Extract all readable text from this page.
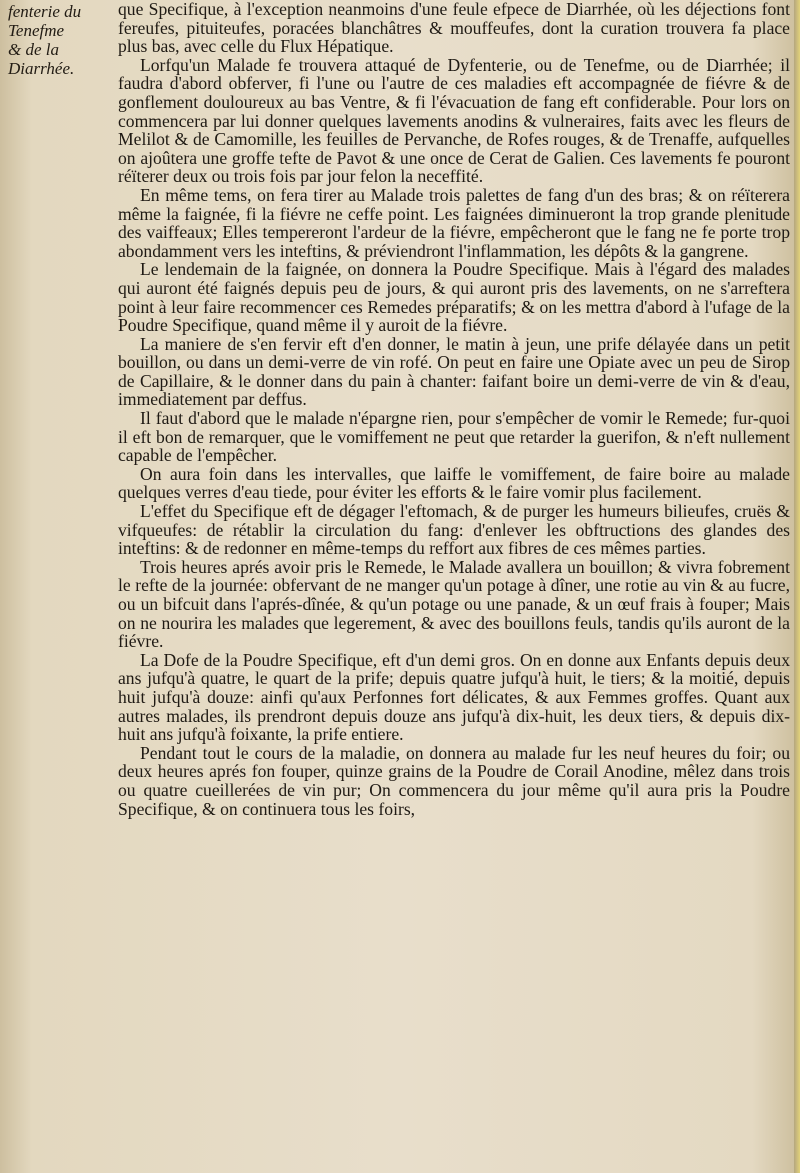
fenterie du
Tenefme
& de la
Diarrhée.

que Specifique, à l'exception neanmoins d'une feule efpece de Diarrhée, où les déjections font fereufes, pituiteufes, poracées blanchâtres & mouffeufes, dont la curation trouvera fa place plus bas, avec celle du Flux Hépatique.

Lorfqu'un Malade fe trouvera attaqué de Dyfenterie, ou de Tenefme, ou de Diarrhée; il faudra d'abord obferver, fi l'une ou l'autre de ces maladies eft accompagnée de fiévre & de gonflement douloureux au bas Ventre, & fi l'évacuation de fang eft confiderable. Pour lors on commencera par lui donner quelques lavements anodins & vulneraires, faits avec les fleurs de Melilot & de Camomille, les feuilles de Pervanche, de Rofes rouges, & de Trenaffe, aufquelles on ajoûtera une groffe tefte de Pavot & une once de Cerat de Galien. Ces lavements fe pouront réïterer deux ou trois fois par jour felon la neceffité.

En même tems, on fera tirer au Malade trois palettes de fang d'un des bras; & on réïterera même la faignée, fi la fiévre ne ceffe point. Les faignées diminueront la trop grande plenitude des vaiffeaux; Elles tempereront l'ardeur de la fiévre, empêcheront que le fang ne fe porte trop abondamment vers les inteftins, & préviendront l'inflammation, les dépôts & la gangrene.

Le lendemain de la faignée, on donnera la Poudre Specifique. Mais à l'égard des malades qui auront été faignés depuis peu de jours, & qui auront pris des lavements, on ne s'arreftera point à leur faire recommencer ces Remedes préparatifs; & on les mettra d'abord à l'ufage de la Poudre Specifique, quand même il y auroit de la fiévre.

La maniere de s'en fervir eft d'en donner, le matin à jeun, une prife délayée dans un petit bouillon, ou dans un demi-verre de vin rofé. On peut en faire une Opiate avec un peu de Sirop de Capillaire, & le donner dans du pain à chanter: faifant boire un demi-verre de vin & d'eau, immediatement par deffus.

Il faut d'abord que le malade n'épargne rien, pour s'empêcher de vomir le Remede; fur-quoi il eft bon de remarquer, que le vomiffement ne peut que retarder la guerifon, & n'eft nullement capable de l'empêcher.

On aura foin dans les intervalles, que laiffe le vomiffement, de faire boire au malade quelques verres d'eau tiede, pour éviter les efforts & le faire vomir plus facilement.

L'effet du Specifique eft de dégager l'eftomach, & de purger les humeurs bilieufes, cruës & vifqueufes: de rétablir la circulation du fang: d'enlever les obftructions des glandes des inteftins: & de redonner en même-temps du reffort aux fibres de ces mêmes parties.

Trois heures aprés avoir pris le Remede, le Malade avallera un bouillon; & vivra fobrement le refte de la journée: obfervant de ne manger qu'un potage à dîner, une rotie au vin & au fucre, ou un bifcuit dans l'aprés-dînée, & qu'un potage ou une panade, & un œuf frais à fouper; Mais on ne nourira les malades que legerement, & avec des bouillons feuls, tandis qu'ils auront de la fiévre.

La Dofe de la Poudre Specifique, eft d'un demi gros. On en donne aux Enfants depuis deux ans jufqu'à quatre, le quart de la prife; depuis quatre jufqu'à huit, le tiers; & la moitié, depuis huit jufqu'à douze: ainfi qu'aux Perfonnes fort délicates, & aux Femmes groffes. Quant aux autres malades, ils prendront depuis douze ans jufqu'à dix-huit, les deux tiers, & depuis dix-huit ans jufqu'à foixante, la prife entiere.

Pendant tout le cours de la maladie, on donnera au malade fur les neuf heures du foir; ou deux heures aprés fon fouper, quinze grains de la Poudre de Corail Anodine, mêlez dans trois ou quatre cueillerées de vin pur; On commencera du jour même qu'il aura pris la Poudre Specifique, & on continuera tous les foirs,
